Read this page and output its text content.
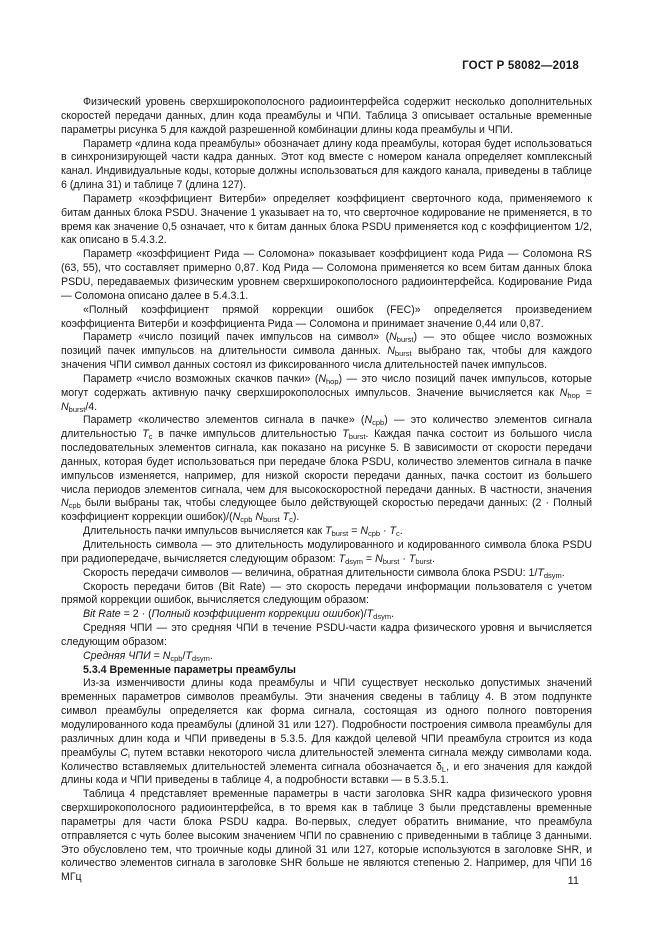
ГОСТ Р 58082—2018

Физический уровень сверхширокополосного радиоинтерфейса содержит несколько дополнительных скоростей передачи данных, длин кода преамбулы и ЧПИ. Таблица 3 описывает остальные временные параметры рисунка 5 для каждой разрешенной комбинации длины кода преамбулы и ЧПИ.

Параметр «длина кода преамбулы» обозначает длину кода преамбулы, которая будет использоваться в синхронизирующей части кадра данных. Этот код вместе с номером канала определяет комплексный канал. Индивидуальные коды, которые должны использоваться для каждого канала, приведены в таблице 6 (длина 31) и таблице 7 (длина 127).

Параметр «коэффициент Витерби» определяет коэффициент сверточного кода, применяемого к битам данных блока PSDU. Значение 1 указывает на то, что сверточное кодирование не применяется, в то время как значение 0,5 означает, что к битам данных блока PSDU применяется код с коэффициентом 1/2, как описано в 5.4.3.2.

Параметр «коэффициент Рида — Соломона» показывает коэффициент кода Рида — Соломона RS (63, 55), что составляет примерно 0,87. Код Рида — Соломона применяется ко всем битам данных блока PSDU, передаваемых физическим уровнем сверхширокополосного радиоинтерфейса. Кодирование Рида — Соломона описано далее в 5.4.3.1.

«Полный коэффициент прямой коррекции ошибок (FEC)» определяется произведением коэффициента Витерби и коэффициента Рида — Соломона и принимает значение 0,44 или 0,87.

Параметр «число позиций пачек импульсов на символ» $(N_{burst})$ — это общее число возможных позиций пачек импульсов на длительности символа данных. $N_{burst}$ выбрано так, чтобы для каждого значения ЧПИ символ данных состоял из фиксированного числа длительностей пачек импульсов.

Параметр «число возможных скачков пачки» $(N_{hop})$ — это число позиций пачек импульсов, которые могут содержать активную пачку сверхширокополосных импульсов. Значение вычисляется как $N_{hop} = N_{burst}/4$.

Параметр «количество элементов сигнала в пачке» $(N_{cpb})$ — это количество элементов сигнала длительностью $T_c$ в пачке импульсов длительностью $T_{burst}$. Каждая пачка состоит из большого числа последовательных элементов сигнала, как показано на рисунке 5. В зависимости от скорости передачи данных, которая будет использоваться при передаче блока PSDU, количество элементов сигнала в пачке импульсов изменяется, например, для низкой скорости передачи данных, пачка состоит из большего числа периодов элементов сигнала, чем для высокоскоростной передачи данных. В частности, значения $N_{cpb}$ были выбраны так, чтобы следующее было действующей скоростью передачи данных: (2 · Полный коэффициент коррекции $ошибок)/(N_{cpb}$ $N_{burst}$ $T_c$).

Длительность пачки импульсов вычисляется как $T_{burst} = N_{cpb} \cdot T_c$.

Длительность символа — это длительность модулированного и кодированного символа блока PSDU при радиопередаче, вычисляется следующим образом: $T_{dsym} = N_{burst} \cdot T_{burst}$.

Скорость передачи символов — величина, обратная длительности символа блока PSDU: $1/T_{dsym}$.

Скорость передачи битов (Bit Rate) — это скорость передачи информации пользователя с учетом прямой коррекции ошибок, вычисляется следующим образом:

Bit Rate = 2 · (Полный коэффициент коррекции $ошибок)/T_{dsym}$.

Средняя ЧПИ — это средняя ЧПИ в течение PSDU-части кадра физического уровня и вычисляется следующим образом:

Средняя ЧПИ = $N_{cpb}/T_{dsym}$.

5.3.4 Временные параметры преамбулы

Из-за изменчивости длины кода преамбулы и ЧПИ существует несколько допустимых значений временных параметров символов преамбулы. Эти значения сведены в таблицу 4. В этом подпункте символ преамбулы определяется как форма сигнала, состоящая из одного полного повторения модулированного кода преамбулы (длиной 31 или 127). Подробности построения символа преамбулы для различных длин кода и ЧПИ приведены в 5.3.5. Для каждой целевой ЧПИ преамбула строится из кода преамбулы $C_i$ путем вставки некоторого числа длительностей элемента сигнала между символами кода. Количество вставляемых длительностей элемента сигнала обозначается $\delta_L$, и его значения для каждой длины кода и ЧПИ приведены в таблице 4, а подробности вставки — в 5.3.5.1.

Таблица 4 представляет временные параметры в части заголовка SHR кадра физического уровня сверхширокополосного радиоинтерфейса, в то время как в таблице 3 были представлены временные параметры для части блока PSDU кадра. Во-первых, следует обратить внимание, что преамбула отправляется с чуть более высоким значением ЧПИ по сравнению с приведенными в таблице 3 данными. Это обусловлено тем, что троичные коды длиной 31 или 127, которые используются в заголовке SHR, и количество элементов сигнала в заголовке SHR больше не являются степенью 2. Например, для ЧПИ 16 МГц	11
